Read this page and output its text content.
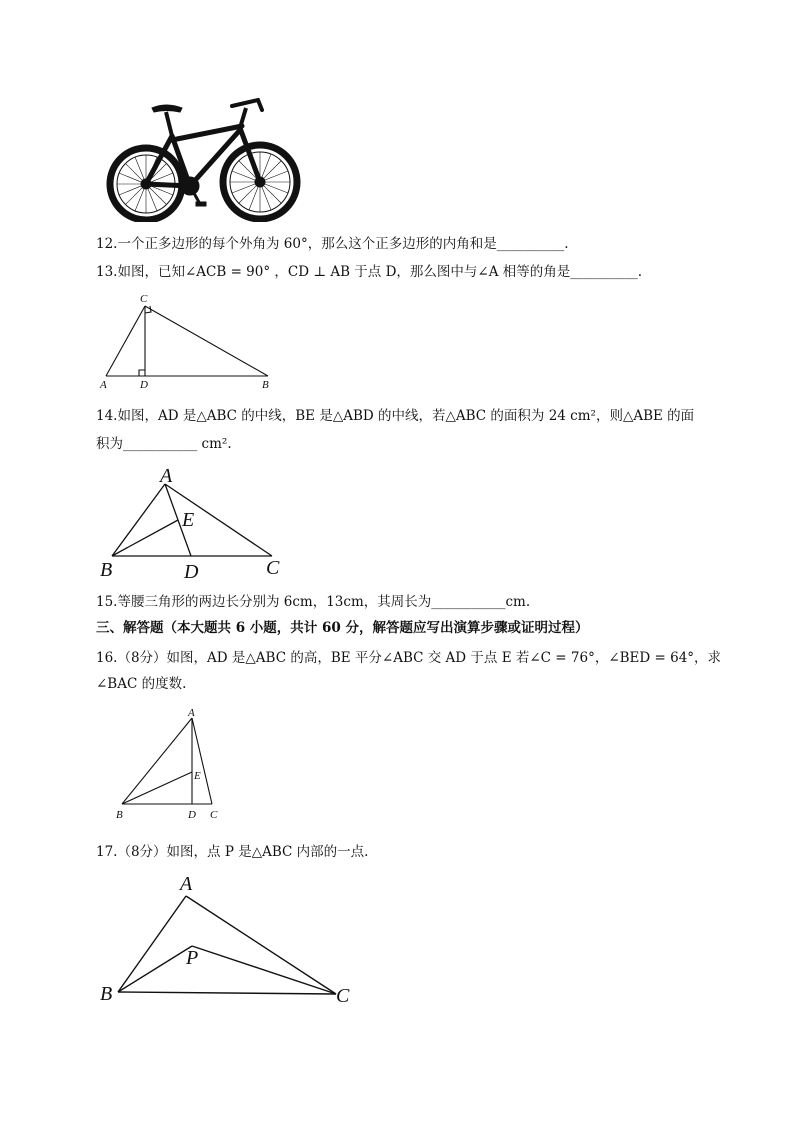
12.一个正多边形的每个外角为 60°，那么这个正多边形的内角和是__________.
13.如图，已知∠ACB = 90° ，CD ⊥ AB 于点 D，那么图中与∠A 相等的角是__________.
C
A	D	B
14.如图，AD 是△ABC 的中线，BE 是△ABD 的中线，若△ABC 的面积为 24 cm²，则△ABE 的面
积为___________ cm².
A
E
B	D	C
15.等腰三角形的两边长分别为 6cm，13cm，其周长为___________cm.
三、解答题（本大题共 6 小题，共计 60 分，解答题应写出演算步骤或证明过程）
16.（8分）如图，AD 是△ABC 的高，BE 平分∠ABC 交 AD 于点 E 若∠C = 76°，∠BED = 64°，求
∠BAC 的度数.
A
E
B	D C
17.（8分）如图，点 P 是△ABC 内部的一点.
A
P
B	C
